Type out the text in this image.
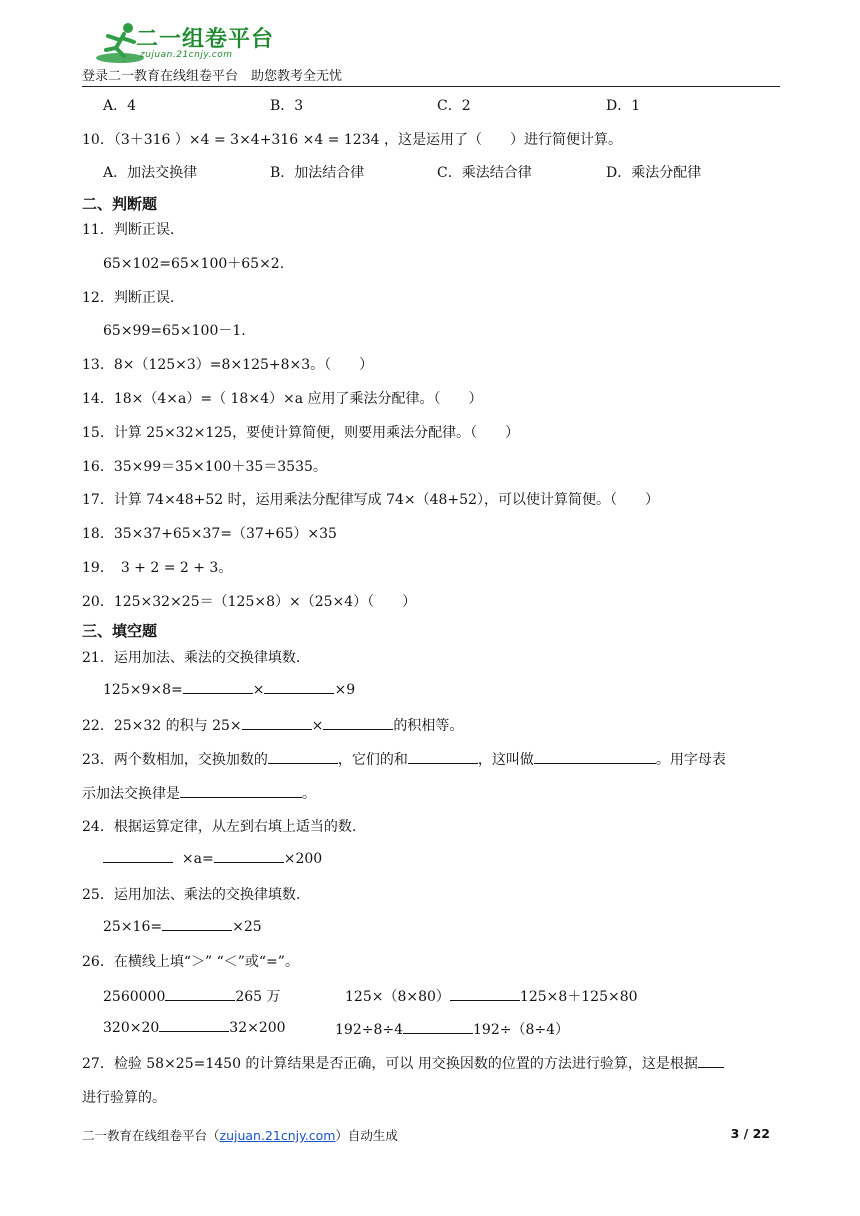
二一组卷平台
zujuan.21cnjy.com
登录二一教育在线组卷平台　助您教考全无忧
A．4	B．3	C．2	D．1
10．（3＋316 ）×4 = 3×4+316 ×4 = 1234 ，这是运用了（　　）进行简便计算。
A．加法交换律	B．加法结合律	C．乘法结合律	D．乘法分配律
二、判断题
11．判断正误.
65×102=65×100＋65×2.
12．判断正误.
65×99=65×100－1.
13．8×（125×3）=8×125+8×3。（　　）
14．18×（4×a）=（ 18×4）×a 应用了乘法分配律。（　　）
15．计算 25×32×125，要使计算简便，则要用乘法分配律。（　　）
16．35×99＝35×100＋35＝3535。
17．计算 74×48+52 时，运用乘法分配律写成 74×（48+52），可以使计算简便。（　　）
18．35×37+65×37=（37+65）×35
19．　3 + 2 = 2 + 3。
20．125×32×25＝（125×8）×（25×4）（　　）
三、填空题
21．运用加法、乘法的交换律填数.
125×9×8=	×	×9
22．25×32 的积与 25×	×	的积相等。
23．两个数相加，交换加数的	，它们的和	，这叫做	。用字母表
示加法交换律是	。
24．根据运算定律，从左到右填上适当的数.
×a=	×200
25．运用加法、乘法的交换律填数.
25×16=	×25
26．在横线上填“＞” “＜”或“=”。
2560000	265 万	125×（8×80）	125×8＋125×80
320×20	32×200	192÷8÷4	192÷（8÷4）
27．检验 58×25=1450 的计算结果是否正确，可以 用交换因数的位置的方法进行验算，这是根据
进行验算的。
二一教育在线组卷平台（zujuan.21cnjy.com）自动生成	3 / 22
